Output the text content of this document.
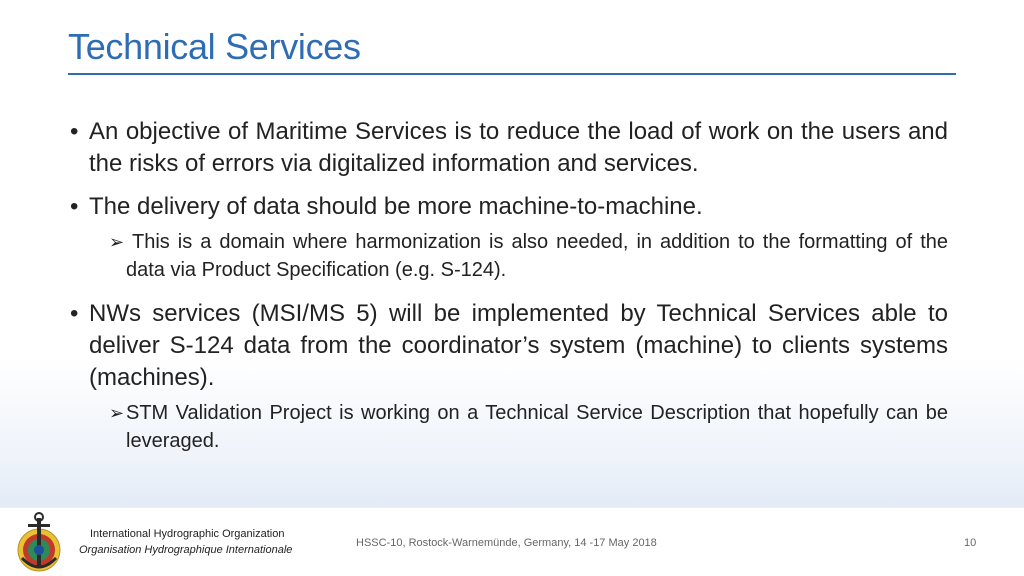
Technical Services
• An objective of Maritime Services is to reduce the load of work on the users and the risks of errors via digitalized information and services.
• The delivery of data should be more machine-to-machine.
➢ This is a domain where harmonization is also needed, in addition to the formatting of the data via Product Specification (e.g. S-124).
• NWs services (MSI/MS 5) will be implemented by Technical Services able to deliver S-124 data from the coordinator’s system (machine) to clients systems (machines).
➢ STM Validation Project is working on a Technical Service Description that hopefully can be leveraged.
International Hydrographic Organization
Organisation Hydrographique Internationale
HSSC-10, Rostock-Warnemünde, Germany, 14 -17 May 2018	10
